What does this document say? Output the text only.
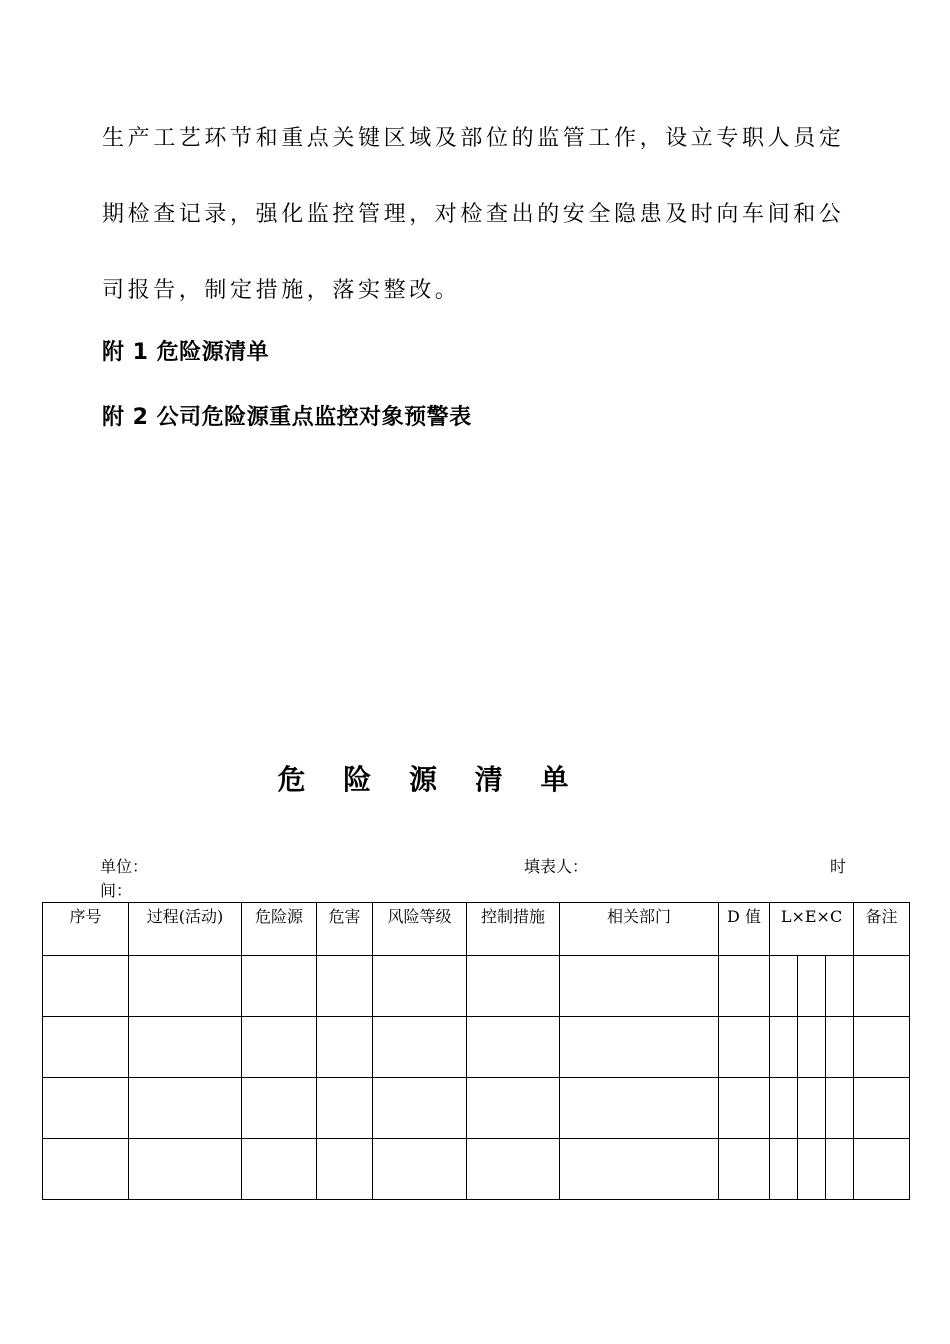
生产工艺环节和重点关键区域及部位的监管工作，设立专职人员定
期检查记录，强化监控管理，对检查出的安全隐患及时向车间和公
司报告，制定措施，落实整改。
附 1 危险源清单
附 2 公司危险源重点监控对象预警表
危 险 源 清 单
单位：	填表人：	时
间：
序号	过程(活动)	危险源	危害	风险等级	控制措施	相关部门	D 值	L×E×C			备注
